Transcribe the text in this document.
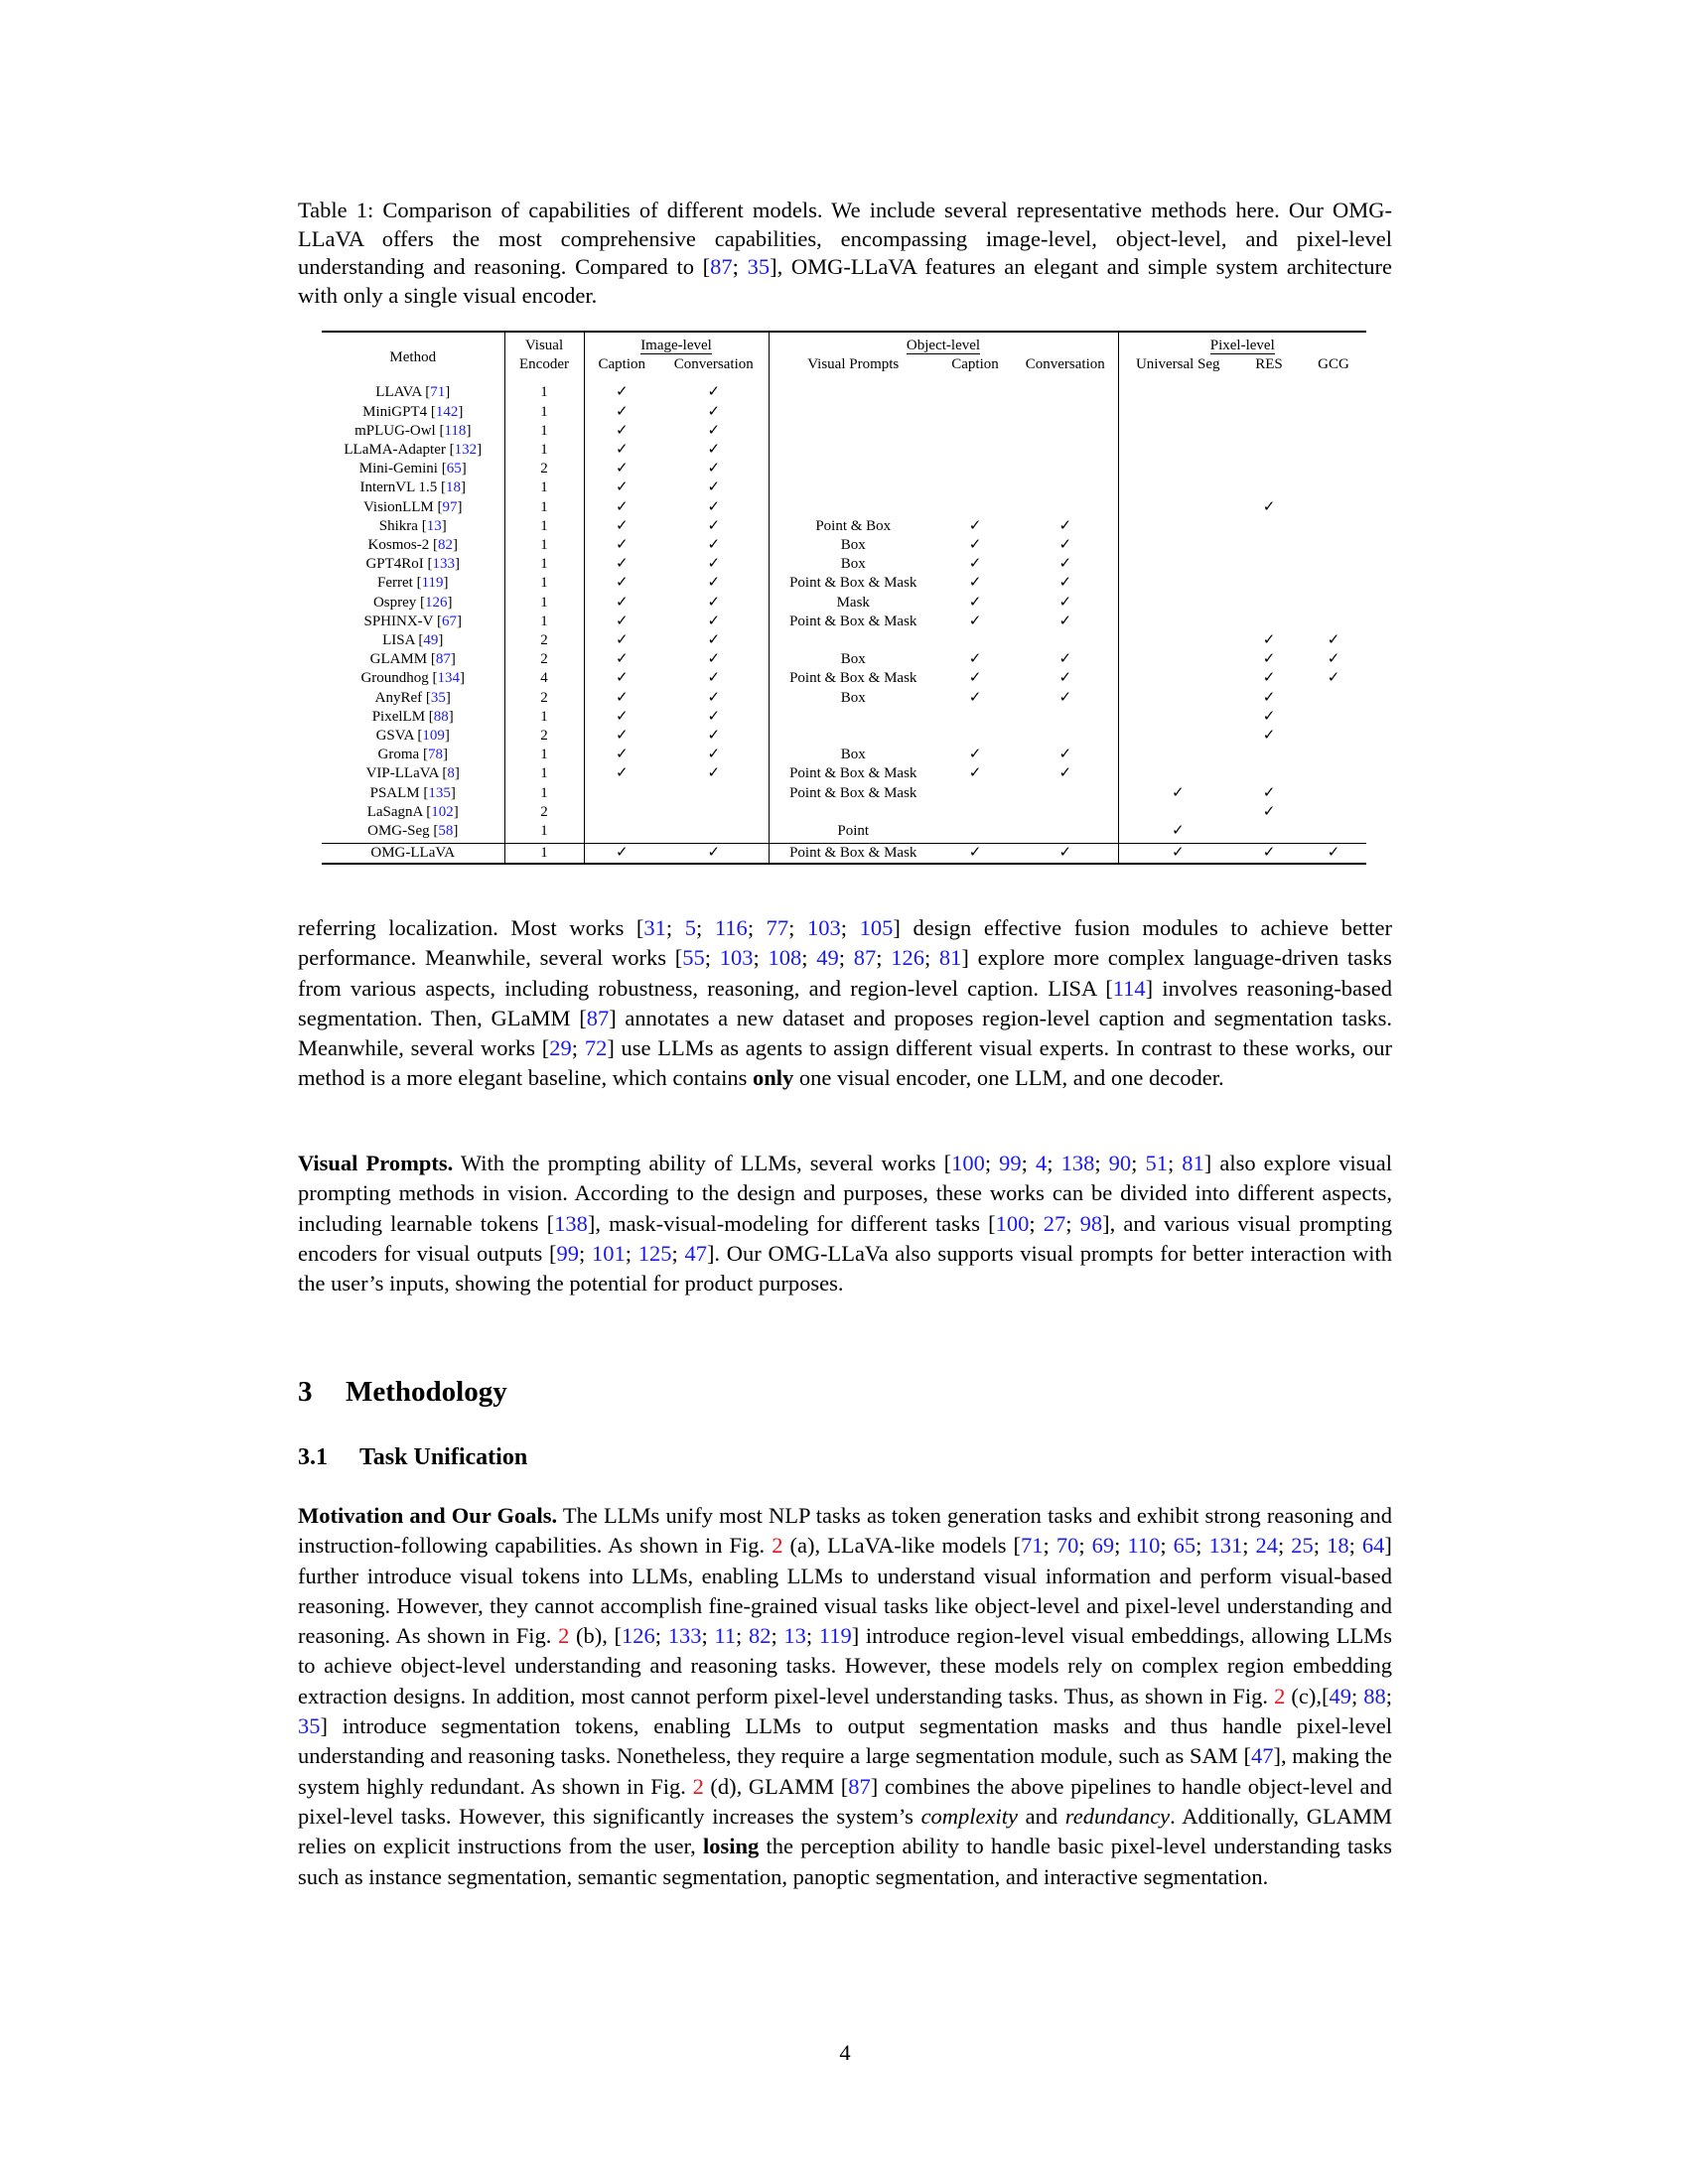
Table 1: Comparison of capabilities of different models. We include several representative methods here. Our OMG-LLaVA offers the most comprehensive capabilities, encompassing image-level, object-level, and pixel-level understanding and reasoning. Compared to [87; 35], OMG-LLaVA features an elegant and simple system architecture with only a single visual encoder.
Method	Visual	Image-level		Object-level			Pixel-level		
	Encoder	Caption	Conversation	Visual Prompts	Caption	Conversation	Universal Seg	RES	GCG
LLAVA [71]	1	✓	✓						
MiniGPT4 [142]	1	✓	✓						
mPLUG-Owl [118]	1	✓	✓						
LLaMA-Adapter [132]	1	✓	✓						
Mini-Gemini [65]	2	✓	✓						
InternVL 1.5 [18]	1	✓	✓						
VisionLLM [97]	1	✓	✓					✓	
Shikra [13]	1	✓	✓	Point & Box	✓	✓			
Kosmos-2 [82]	1	✓	✓	Box	✓	✓			
GPT4RoI [133]	1	✓	✓	Box	✓	✓			
Ferret [119]	1	✓	✓	Point & Box & Mask	✓	✓			
Osprey [126]	1	✓	✓	Mask	✓	✓			
SPHINX-V [67]	1	✓	✓	Point & Box & Mask	✓	✓			
LISA [49]	2	✓	✓					✓	✓
GLAMM [87]	2	✓	✓	Box	✓	✓		✓	✓
Groundhog [134]	4	✓	✓	Point & Box & Mask	✓	✓		✓	✓
AnyRef [35]	2	✓	✓	Box	✓	✓		✓	
PixelLM [88]	1	✓	✓					✓	
GSVA [109]	2	✓	✓					✓	
Groma [78]	1	✓	✓	Box	✓	✓			
VIP-LLaVA [8]	1	✓	✓	Point & Box & Mask	✓	✓			
PSALM [135]	1			Point & Box & Mask			✓	✓	
LaSagnA [102]	2							✓	
OMG-Seg [58]	1			Point			✓		
OMG-LLaVA	1	✓	✓	Point & Box & Mask	✓	✓	✓	✓	✓

referring localization. Most works [31; 5; 116; 77; 103; 105] design effective fusion modules to achieve better performance. Meanwhile, several works [55; 103; 108; 49; 87; 126; 81] explore more complex language-driven tasks from various aspects, including robustness, reasoning, and region-level caption. LISA [114] involves reasoning-based segmentation. Then, GLaMM [87] annotates a new dataset and proposes region-level caption and segmentation tasks. Meanwhile, several works [29; 72] use LLMs as agents to assign different visual experts. In contrast to these works, our method is a more elegant baseline, which contains only one visual encoder, one LLM, and one decoder.

Visual Prompts. With the prompting ability of LLMs, several works [100; 99; 4; 138; 90; 51; 81] also explore visual prompting methods in vision. According to the design and purposes, these works can be divided into different aspects, including learnable tokens [138], mask-visual-modeling for different tasks [100; 27; 98], and various visual prompting encoders for visual outputs [99; 101; 125; 47]. Our OMG-LLaVa also supports visual prompts for better interaction with the user’s inputs, showing the potential for product purposes.

3 Methodology
3.1 Task Unification

Motivation and Our Goals. The LLMs unify most NLP tasks as token generation tasks and exhibit strong reasoning and instruction-following capabilities. As shown in Fig. 2 (a), LLaVA-like models [71; 70; 69; 110; 65; 131; 24; 25; 18; 64] further introduce visual tokens into LLMs, enabling LLMs to understand visual information and perform visual-based reasoning. However, they cannot accomplish fine-grained visual tasks like object-level and pixel-level understanding and reasoning. As shown in Fig. 2 (b), [126; 133; 11; 82; 13; 119] introduce region-level visual embeddings, allowing LLMs to achieve object-level understanding and reasoning tasks. However, these models rely on complex region embedding extraction designs. In addition, most cannot perform pixel-level understanding tasks. Thus, as shown in Fig. 2 (c),[49; 88; 35] introduce segmentation tokens, enabling LLMs to output segmentation masks and thus handle pixel-level understanding and reasoning tasks. Nonetheless, they require a large segmentation module, such as SAM [47], making the system highly redundant. As shown in Fig. 2 (d), GLAMM [87] combines the above pipelines to handle object-level and pixel-level tasks. However, this significantly increases the system’s complexity and redundancy. Additionally, GLAMM relies on explicit instructions from the user, losing the perception ability to handle basic pixel-level understanding tasks such as instance segmentation, semantic segmentation, panoptic segmentation, and interactive segmentation.

4
